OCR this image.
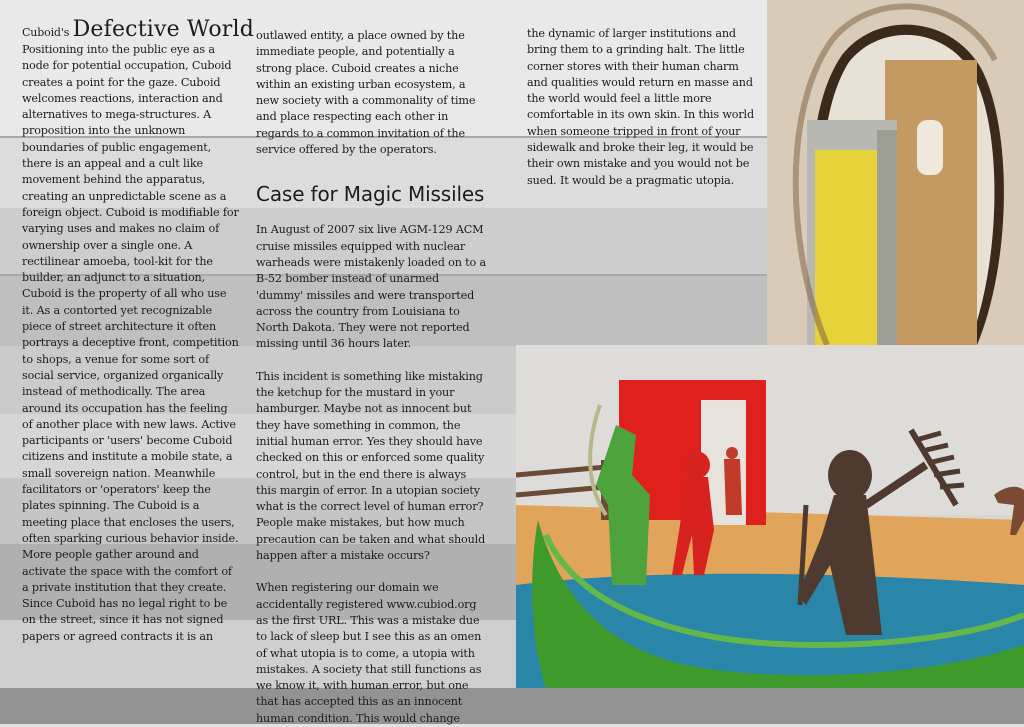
Cuboid's Defective World
Positioning into the public eye as a node for potential occupation, Cuboid creates a point for the gaze. Cuboid welcomes reactions, interaction and alternatives to mega-structures. A proposition into the unknown boundaries of public engagement, there is an appeal and a cult like movement behind the apparatus, creating an unpredictable scene as a foreign object. Cuboid is modifiable for varying uses and makes no claim of ownership over a single one. A rectilinear amoeba, tool-kit for the builder, an adjunct to a situation, Cuboid is the property of all who use it. As a contorted yet recognizable piece of street architecture it often portrays a deceptive front, competition to shops, a venue for some sort of social service, organized organically instead of methodically. The area around its occupation has the feeling of another place with new laws. Active participants or 'users' become Cuboid citizens and institute a mobile state, a small sovereign nation. Meanwhile facilitators or 'operators' keep the plates spinning. The Cuboid is a meeting place that encloses the users, often sparking curious behavior inside. More people gather around and activate the space with the comfort of a private institution that they create. Since Cuboid has no legal right to be on the street, since it has not signed papers or agreed contracts it is an
outlawed entity, a place owned by the immediate people, and potentially a strong place. Cuboid creates a niche within an existing urban ecosystem, a new society with a commonality of time and place respecting each other in regards to a common invitation of the service offered by the operators.
Case for Magic Missiles

In August of 2007 six live AGM-129 ACM cruise missiles equipped with nuclear warheads were mistakenly loaded on to a B-52 bomber instead of unarmed 'dummy' missiles and were transported across the country from Louisiana to North Dakota. They were not reported missing until 36 hours later.

This incident is something like mistaking the ketchup for the mustard in your hamburger. Maybe not as innocent but they have something in common, the initial human error. Yes they should have checked on this or enforced some quality control, but in the end there is always this margin of error. In a utopian society what is the correct level of human error? People make mistakes, but how much precaution can be taken and what should happen after a mistake occurs?

When registering our domain we accidentally registered www.cubiod.org as the first URL. This was a mistake due to lack of sleep but I see this as an omen of what utopia is to come, a utopia with mistakes. A society that still functions as we know it, with human error, but one that has accepted this as an innocent human condition. This would change

the dynamic of larger institutions and bring them to a grinding halt. The little corner stores with their human charm and qualities would return en masse and the world would feel a little more comfortable in its own skin. In this world when someone tripped in front of your sidewalk and broke their leg, it would be their own mistake and you would not be sued. It would be a pragmatic utopia.
